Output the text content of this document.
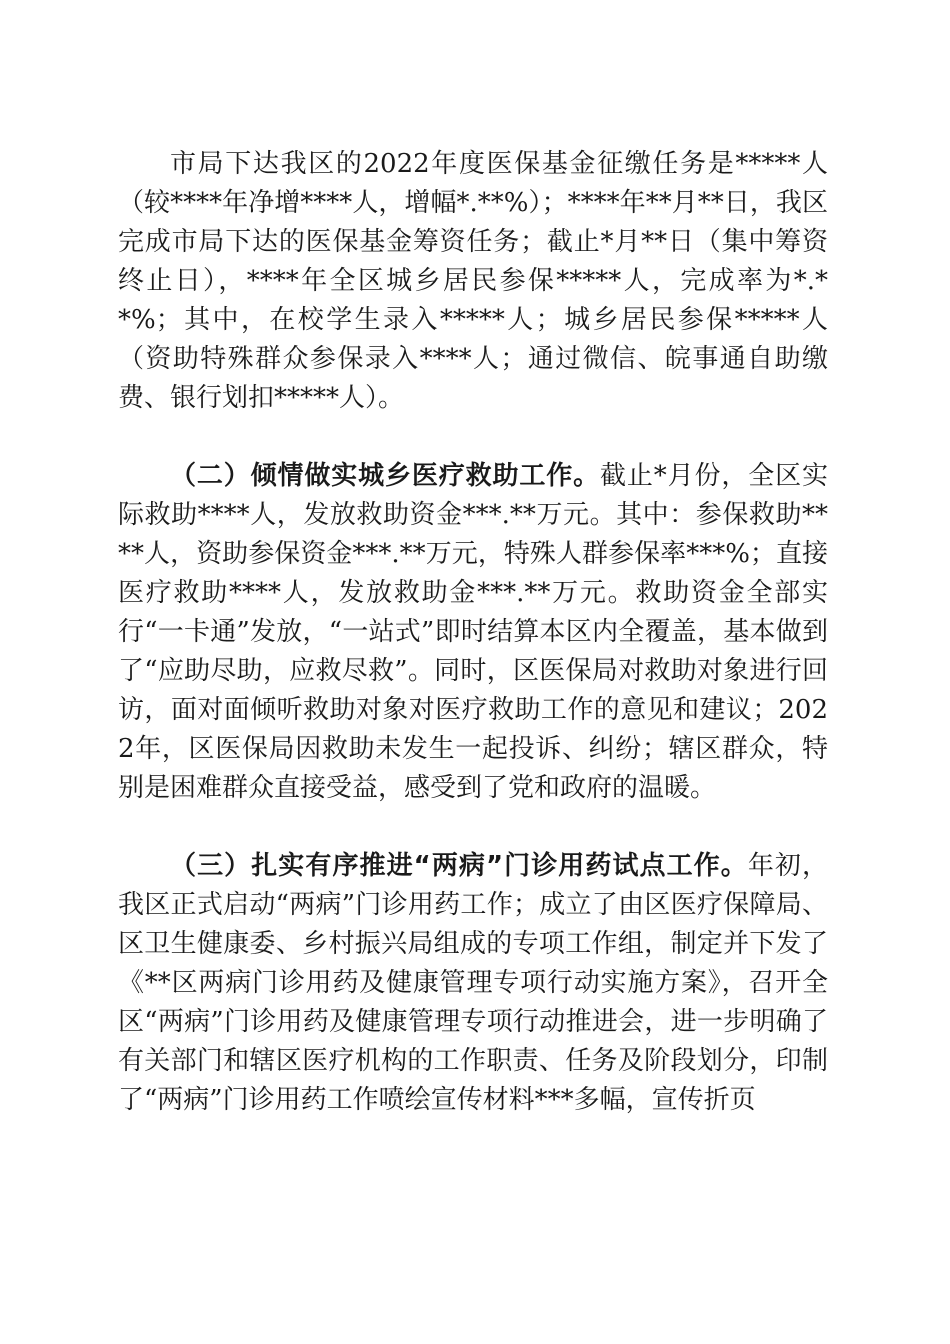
市局下达我区的2022年度医保基金征缴任务是*****人（较****年净增****人，增幅*.**%）；****年**月**日，我区完成市局下达的医保基金筹资任务；截止*月**日（集中筹资终止日），****年全区城乡居民参保*****人，完成率为*.**%；其中，在校学生录入*****人；城乡居民参保*****人（资助特殊群众参保录入****人；通过微信、皖事通自助缴费、银行划扣*****人）。

（二）倾情做实城乡医疗救助工作。截止*月份，全区实际救助****人，发放救助资金***.**万元。其中：参保救助****人，资助参保资金***.**万元，特殊人群参保率***%；直接医疗救助****人，发放救助金***.**万元。救助资金全部实行“一卡通”发放，“一站式”即时结算本区内全覆盖，基本做到了“应助尽助，应救尽救”。同时，区医保局对救助对象进行回访，面对面倾听救助对象对医疗救助工作的意见和建议；2022年，区医保局因救助未发生一起投诉、纠纷；辖区群众，特别是困难群众直接受益，感受到了党和政府的温暖。

（三）扎实有序推进“两病”门诊用药试点工作。年初，我区正式启动“两病”门诊用药工作；成立了由区医疗保障局、区卫生健康委、乡村振兴局组成的专项工作组，制定并下发了《**区两病门诊用药及健康管理专项行动实施方案》，召开全区“两病”门诊用药及健康管理专项行动推进会，进一步明确了有关部门和辖区医疗机构的工作职责、任务及阶段划分，印制了“两病”门诊用药工作喷绘宣传材料***多幅，宣传折页
